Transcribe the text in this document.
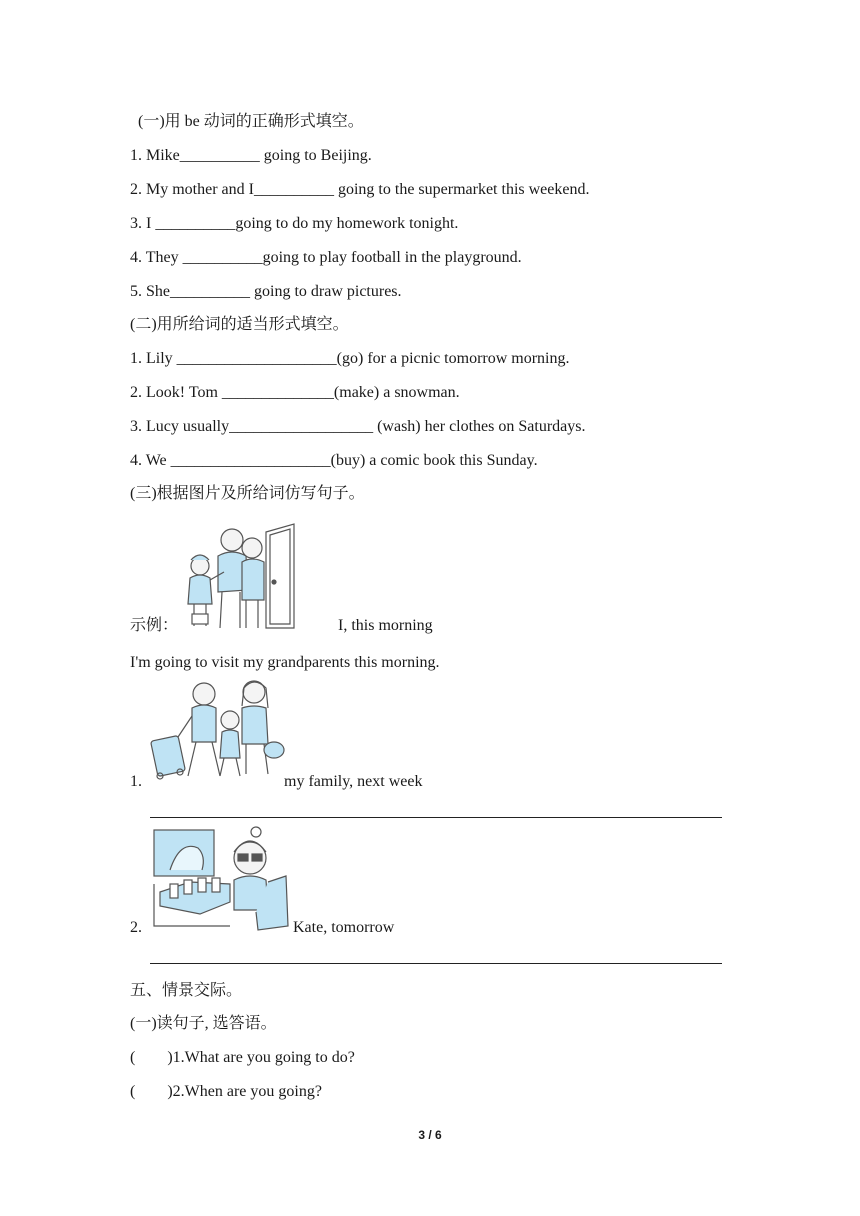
(一)用 be 动词的正确形式填空。
1. Mike__________ going to Beijing.
2. My mother and I__________ going to the supermarket this weekend.
3. I __________going to do my homework tonight.
4. They __________going to play football in the playground.
5. She__________ going to draw pictures.
(二)用所给词的适当形式填空。
1. Lily ____________________(go) for a picnic tomorrow morning.
2. Look! Tom ______________(make) a snowman.
3. Lucy usually__________________ (wash) her clothes on Saturdays.
4. We ____________________(buy) a comic book this Sunday.
(三)根据图片及所给词仿写句子。
示例：	I, this morning
I'm going to visit my grandparents this morning.
1.	my family, next week
2.	Kate, tomorrow
五、情景交际。
(一)读句子, 选答语。
(        )1.What are you going to do?
(        )2.When are you going?
3 / 6
